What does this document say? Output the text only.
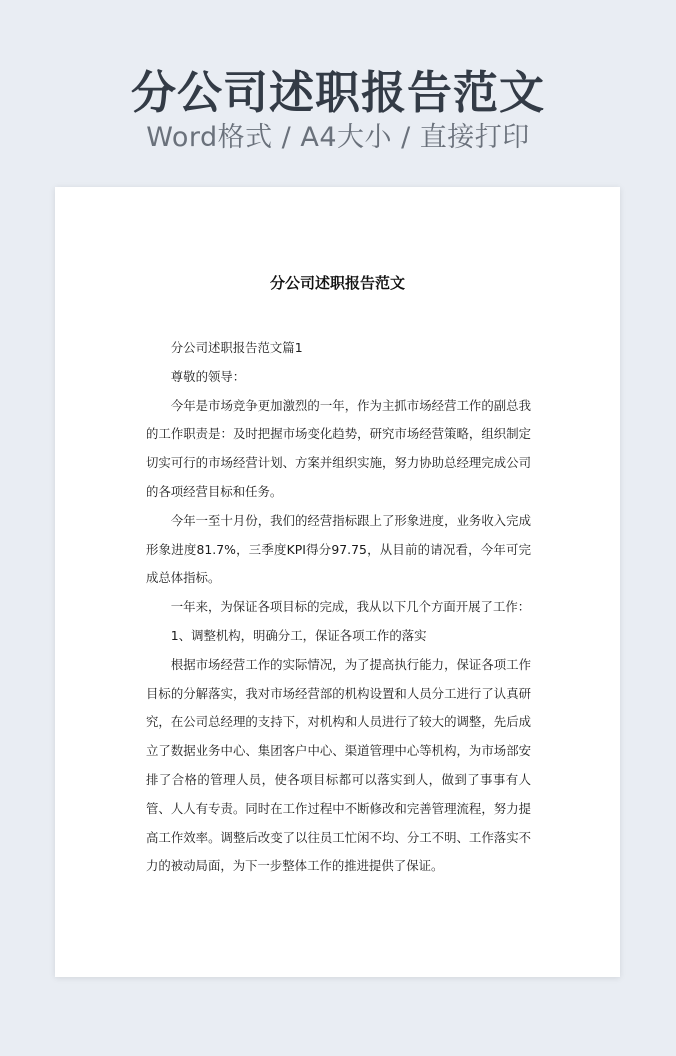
分公司述职报告范文
Word格式 / A4大小 / 直接打印
分公司述职报告范文

分公司述职报告范文篇1

尊敬的领导：

今年是市场竞争更加激烈的一年，作为主抓市场经营工作的副总我的工作职责是：及时把握市场变化趋势，研究市场经营策略，组织制定切实可行的市场经营计划、方案并组织实施，努力协助总经理完成公司的各项经营目标和任务。

今年一至十月份，我们的经营指标跟上了形象进度，业务收入完成形象进度81.7%，三季度KPI得分97.75，从目前的请况看，今年可完成总体指标。

一年来，为保证各项目标的完成，我从以下几个方面开展了工作：

1、调整机构，明确分工，保证各项工作的落实

根据市场经营工作的实际情况，为了提高执行能力，保证各项工作目标的分解落实，我对市场经营部的机构设置和人员分工进行了认真研究，在公司总经理的支持下，对机构和人员进行了较大的调整，先后成立了数据业务中心、集团客户中心、渠道管理中心等机构，为市场部安排了合格的管理人员，使各项目标都可以落实到人，做到了事事有人管、人人有专责。同时在工作过程中不断修改和完善管理流程，努力提高工作效率。调整后改变了以往员工忙闲不均、分工不明、工作落实不力的被动局面，为下一步整体工作的推进提供了保证。
